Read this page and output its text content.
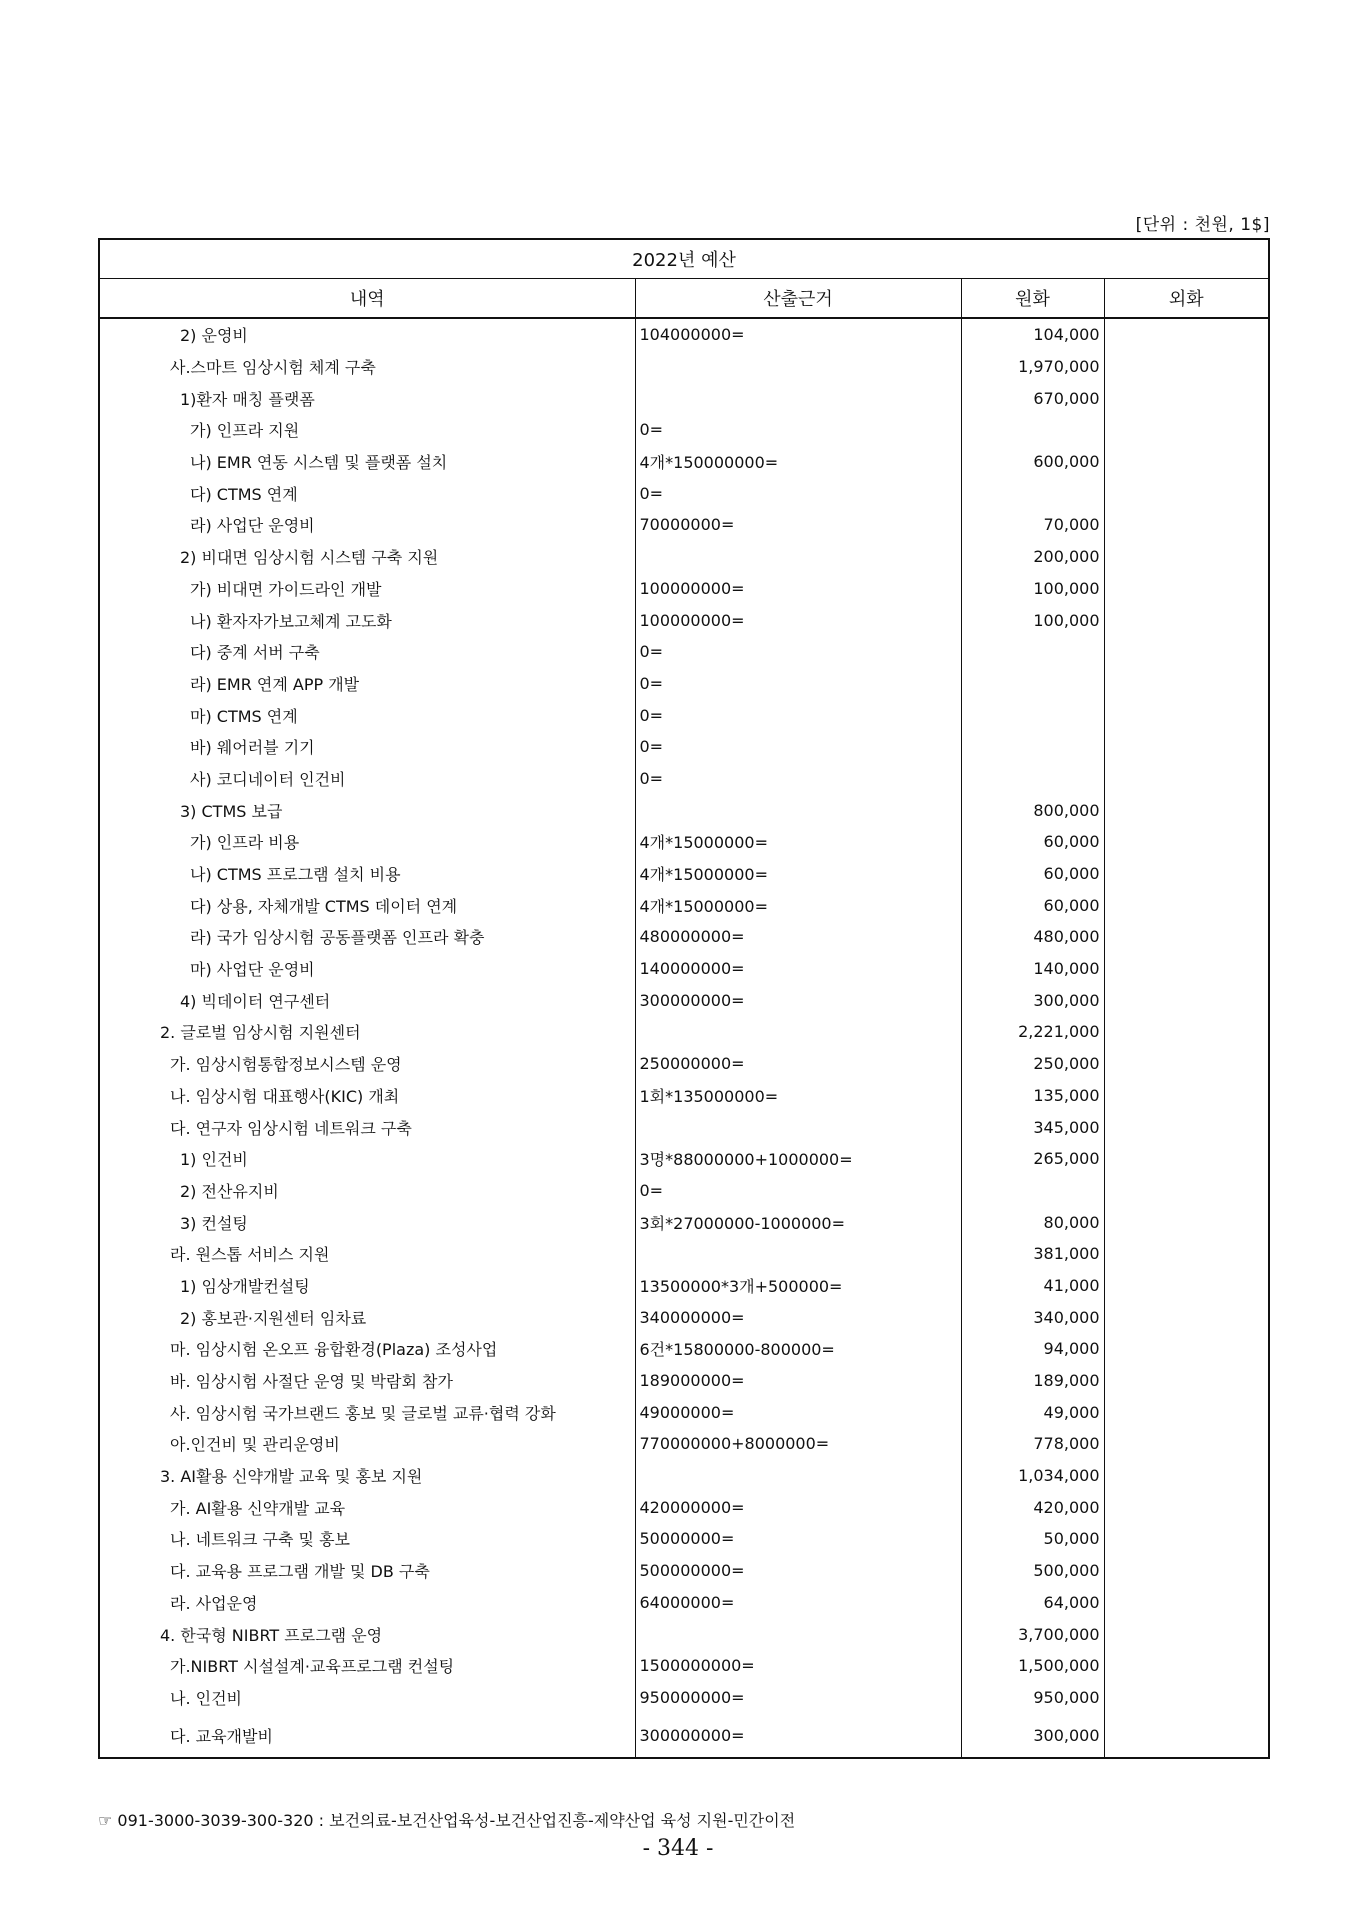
[단위 : 천원, 1$]
2022년 예산			
내역	산출근거	원화	외화
2) 운영비	104000000=	104,000	
사.스마트 임상시험 체계 구축		1,970,000	
1)환자 매칭 플랫폼		670,000	
가) 인프라 지원	0=		
나) EMR 연동 시스템 및 플랫폼 설치	4개*150000000=	600,000	
다) CTMS 연계	0=		
라) 사업단 운영비	70000000=	70,000	
2) 비대면 임상시험 시스템 구축 지원		200,000	
가) 비대면 가이드라인 개발	100000000=	100,000	
나) 환자자가보고체계 고도화	100000000=	100,000	
다) 중계 서버 구축	0=		
라) EMR 연계 APP 개발	0=		
마) CTMS 연계	0=		
바) 웨어러블 기기	0=		
사) 코디네이터 인건비	0=		
3) CTMS 보급		800,000	
가) 인프라 비용	4개*15000000=	60,000	
나) CTMS 프로그램 설치 비용	4개*15000000=	60,000	
다) 상용, 자체개발 CTMS 데이터 연계	4개*15000000=	60,000	
라) 국가 임상시험 공동플랫폼 인프라 확충	480000000=	480,000	
마) 사업단 운영비	140000000=	140,000	
4) 빅데이터 연구센터	300000000=	300,000	
2. 글로벌 임상시험 지원센터		2,221,000	
가. 임상시험통합정보시스템 운영	250000000=	250,000	
나. 임상시험 대표행사(KIC) 개최	1회*135000000=	135,000	
다. 연구자 임상시험 네트워크 구축		345,000	
1) 인건비	3명*88000000+1000000=	265,000	
2) 전산유지비	0=		
3) 컨설팅	3회*27000000-1000000=	80,000	
라. 원스톱 서비스 지원		381,000	
1) 임상개발컨설팅	13500000*3개+500000=	41,000	
2) 홍보관·지원센터 임차료	340000000=	340,000	
마. 임상시험 온오프 융합환경(Plaza) 조성사업	6건*15800000-800000=	94,000	
바. 임상시험 사절단 운영 및 박람회 참가	189000000=	189,000	
사. 임상시험 국가브랜드 홍보 및 글로벌 교류·협력 강화	49000000=	49,000	
아.인건비 및 관리운영비	770000000+8000000=	778,000	
3. AI활용 신약개발 교육 및 홍보 지원		1,034,000	
가. AI활용 신약개발 교육	420000000=	420,000	
나. 네트워크 구축 및 홍보	50000000=	50,000	
다. 교육용 프로그램 개발 및 DB 구축	500000000=	500,000	
라. 사업운영	64000000=	64,000	
4. 한국형 NIBRT 프로그램 운영		3,700,000	
가.NIBRT 시설설계·교육프로그램 컨설팅	1500000000=	1,500,000	
나. 인건비	950000000=	950,000	
다. 교육개발비	300000000=	300,000	
☞ 091-3000-3039-300-320 : 보건의료-보건산업육성-보건산업진흥-제약산업 육성 지원-민간이전
- 344 -
